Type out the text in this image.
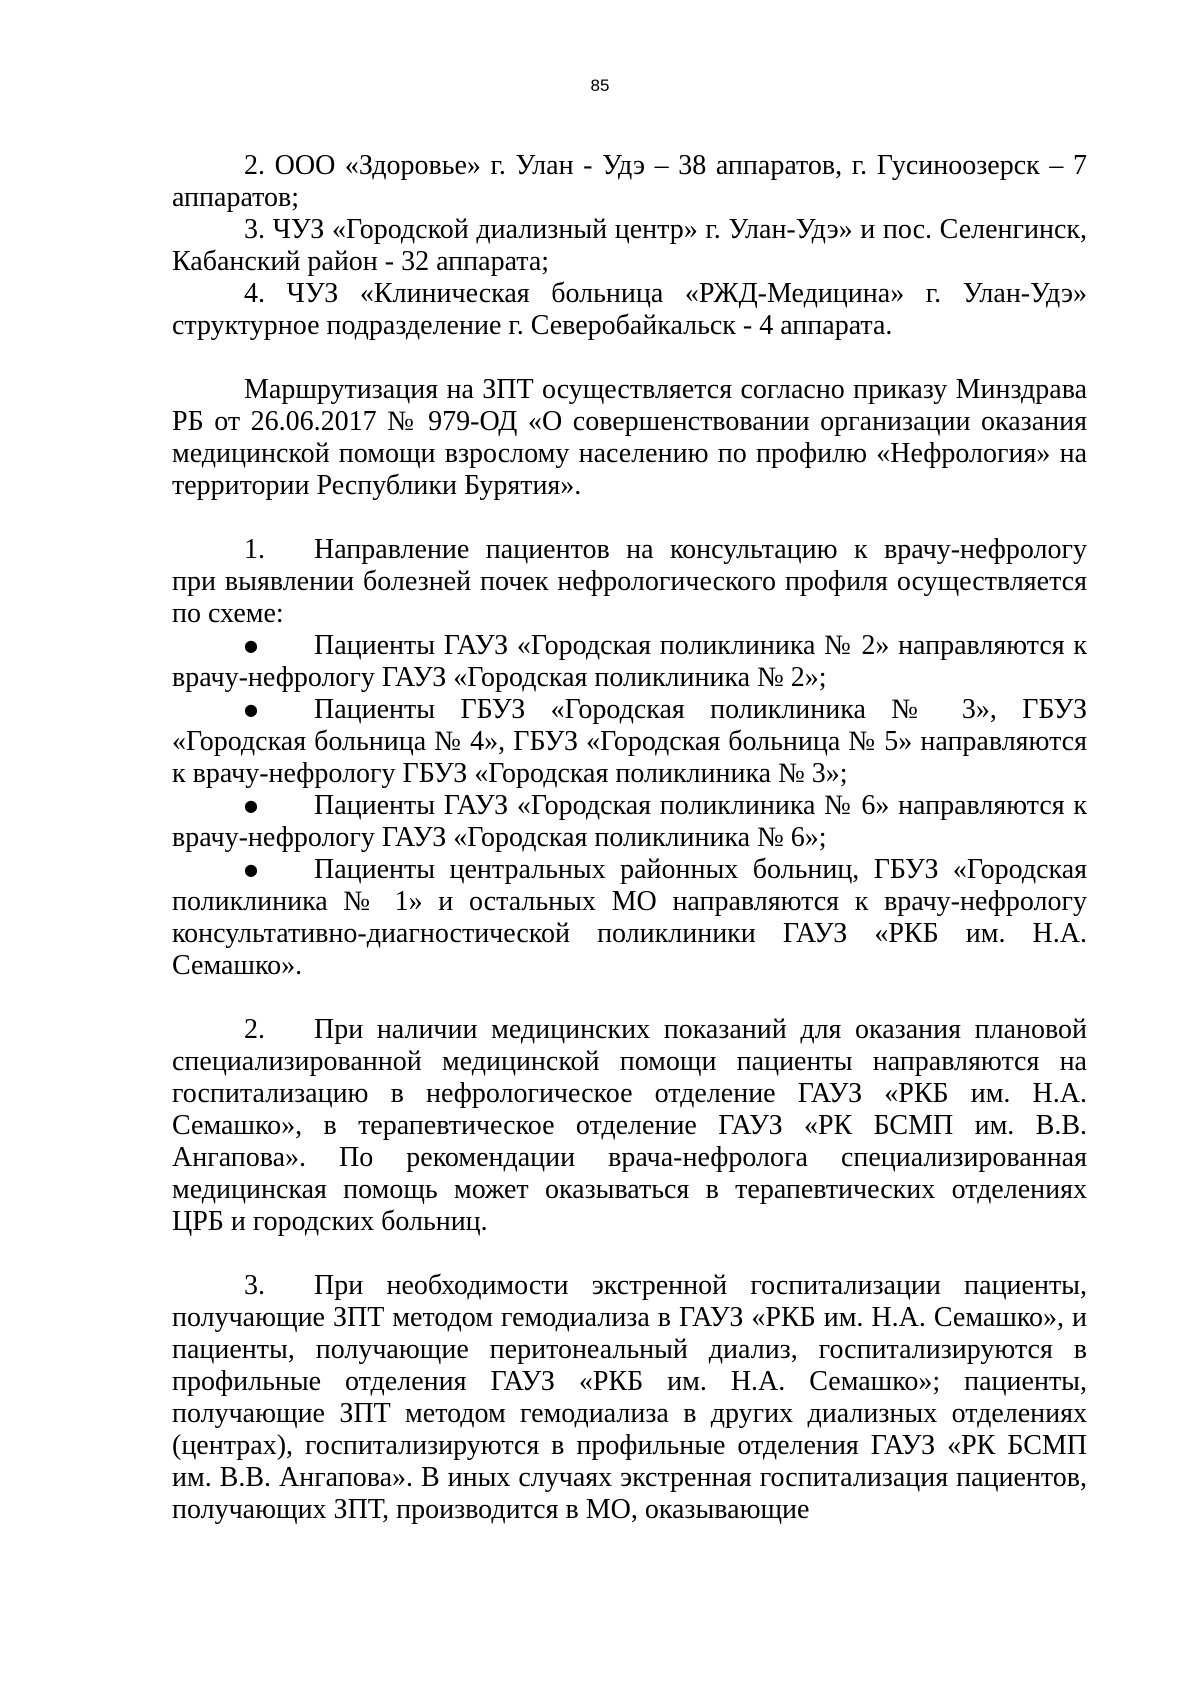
85

2. ООО «Здоровье» г. Улан - Удэ – 38 аппаратов, г. Гусиноозерск – 7 аппаратов;

3. ЧУЗ «Городской диализный центр» г. Улан-Удэ» и пос. Селенгинск, Кабанский район - 32 аппарата;

4. ЧУЗ «Клиническая больница «РЖД-Медицина» г. Улан-Удэ» структурное подразделение г. Северобайкальск - 4 аппарата.

Маршрутизация на ЗПТ осуществляется согласно приказу Минздрава РБ от 26.06.2017 № 979-ОД «О совершенствовании организации оказания медицинской помощи взрослому населению по профилю «Нефрология» на территории Республики Бурятия».

1. Направление пациентов на консультацию к врачу-нефрологу при выявлении болезней почек нефрологического профиля осуществляется по схеме:

● Пациенты ГАУЗ «Городская поликлиника № 2» направляются к врачу-нефрологу ГАУЗ «Городская поликлиника № 2»;

● Пациенты ГБУЗ «Городская поликлиника № 3», ГБУЗ «Городская больница № 4», ГБУЗ «Городская больница № 5» направляются к врачу-нефрологу ГБУЗ «Городская поликлиника № 3»;

● Пациенты ГАУЗ «Городская поликлиника № 6» направляются к врачу-нефрологу ГАУЗ «Городская поликлиника № 6»;

● Пациенты центральных районных больниц, ГБУЗ «Городская поликлиника № 1» и остальных МО направляются к врачу-нефрологу консультативно-диагностической поликлиники ГАУЗ «РКБ им. Н.А. Семашко».

2. При наличии медицинских показаний для оказания плановой специализированной медицинской помощи пациенты направляются на госпитализацию в нефрологическое отделение ГАУЗ «РКБ им. Н.А. Семашко», в терапевтическое отделение ГАУЗ «РК БСМП им. В.В. Ангапова». По рекомендации врача-нефролога специализированная медицинская помощь может оказываться в терапевтических отделениях ЦРБ и городских больниц.

3. При необходимости экстренной госпитализации пациенты, получающие ЗПТ методом гемодиализа в ГАУЗ «РКБ им. Н.А. Семашко», и пациенты, получающие перитонеальный диализ, госпитализируются в профильные отделения ГАУЗ «РКБ им. Н.А. Семашко»; пациенты, получающие ЗПТ методом гемодиализа в других диализных отделениях (центрах), госпитализируются в профильные отделения ГАУЗ «РК БСМП им. В.В. Ангапова». В иных случаях экстренная госпитализация пациентов, получающих ЗПТ, производится в МО, оказывающие
